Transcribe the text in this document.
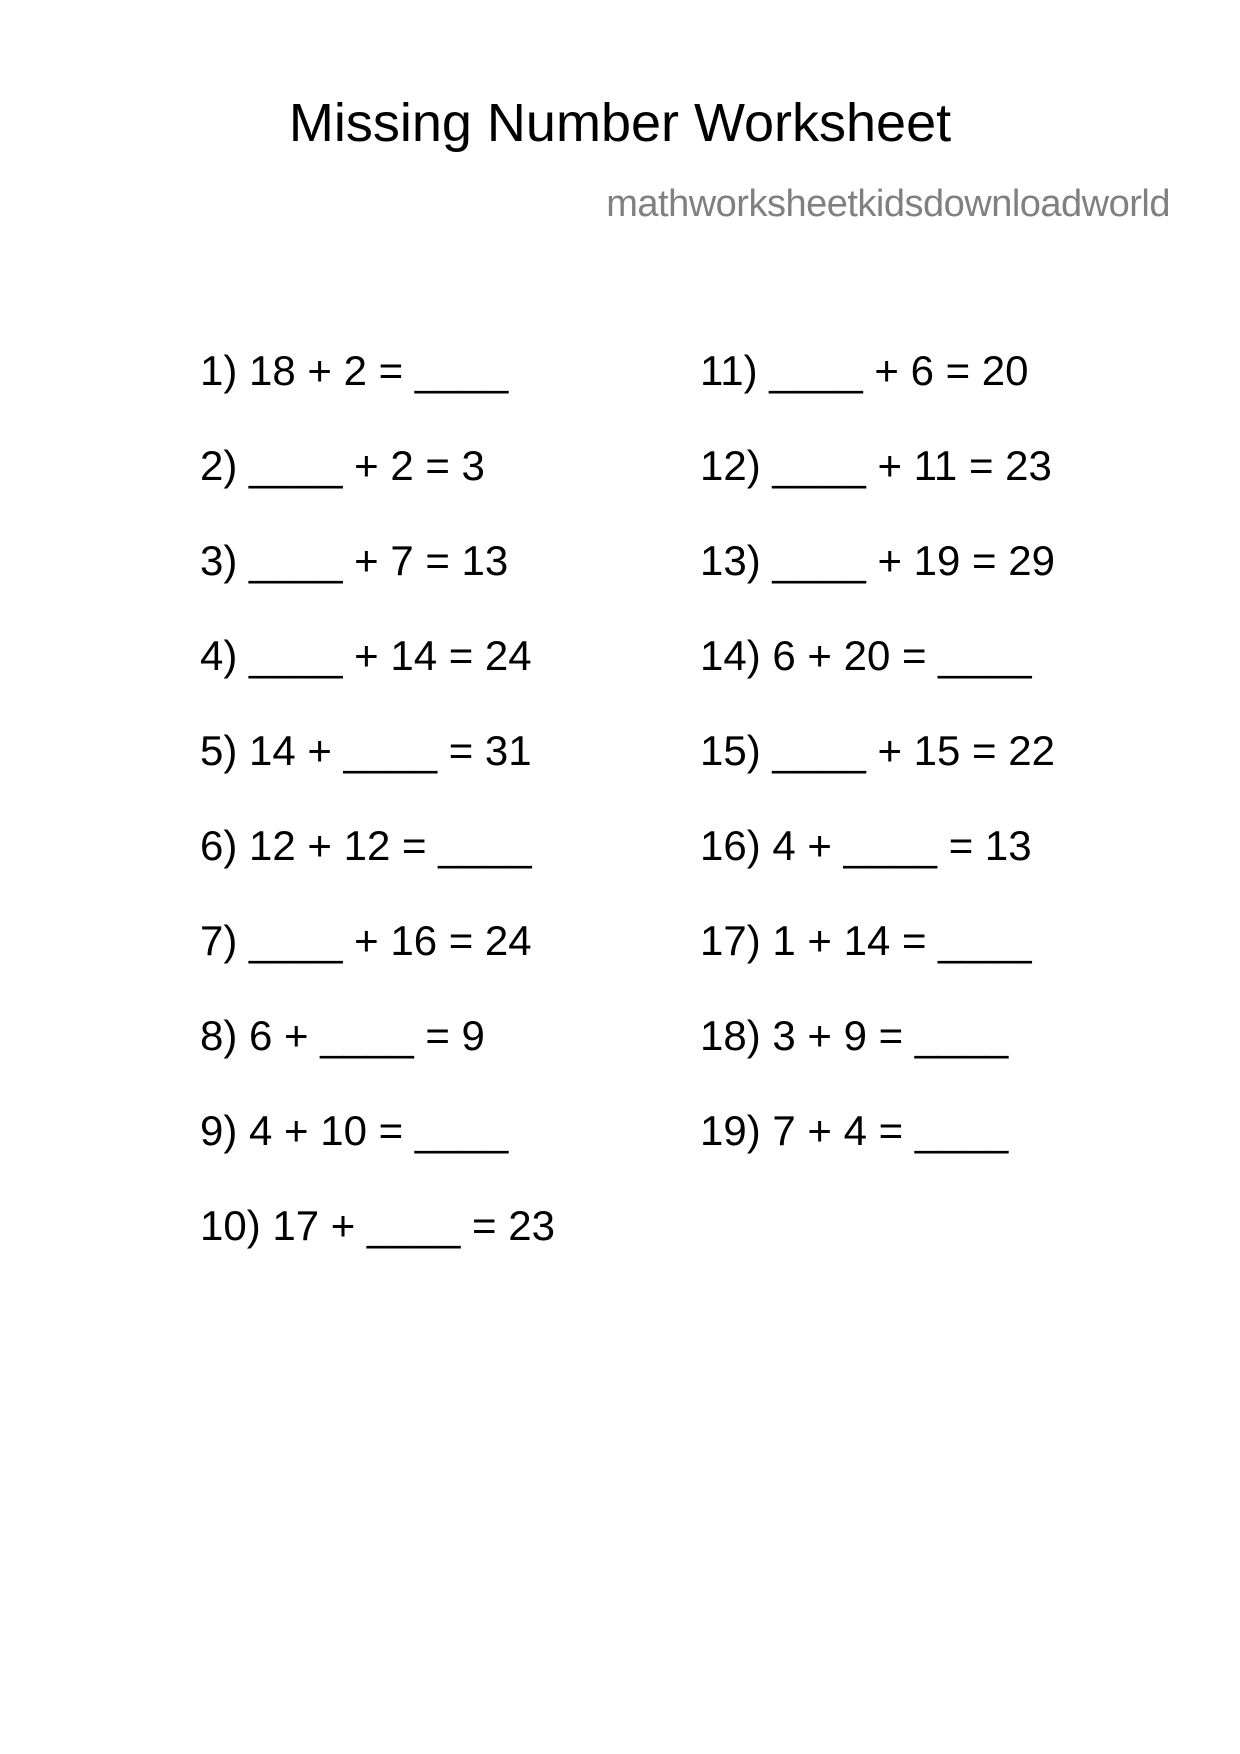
Missing Number Worksheet
mathworksheetkidsdownloadworld
1) 18 + 2 = ____
2) ____ + 2 = 3
3) ____ + 7 = 13
4) ____ + 14 = 24
5) 14 + ____ = 31
6) 12 + 12 = ____
7) ____ + 16 = 24
8) 6 + ____ = 9
9) 4 + 10 = ____
10) 17 + ____ = 23
11) ____ + 6 = 20
12) ____ + 11 = 23
13) ____ + 19 = 29
14) 6 + 20 = ____
15) ____ + 15 = 22
16) 4 + ____ = 13
17) 1 + 14 = ____
18) 3 + 9 = ____
19) 7 + 4 = ____
